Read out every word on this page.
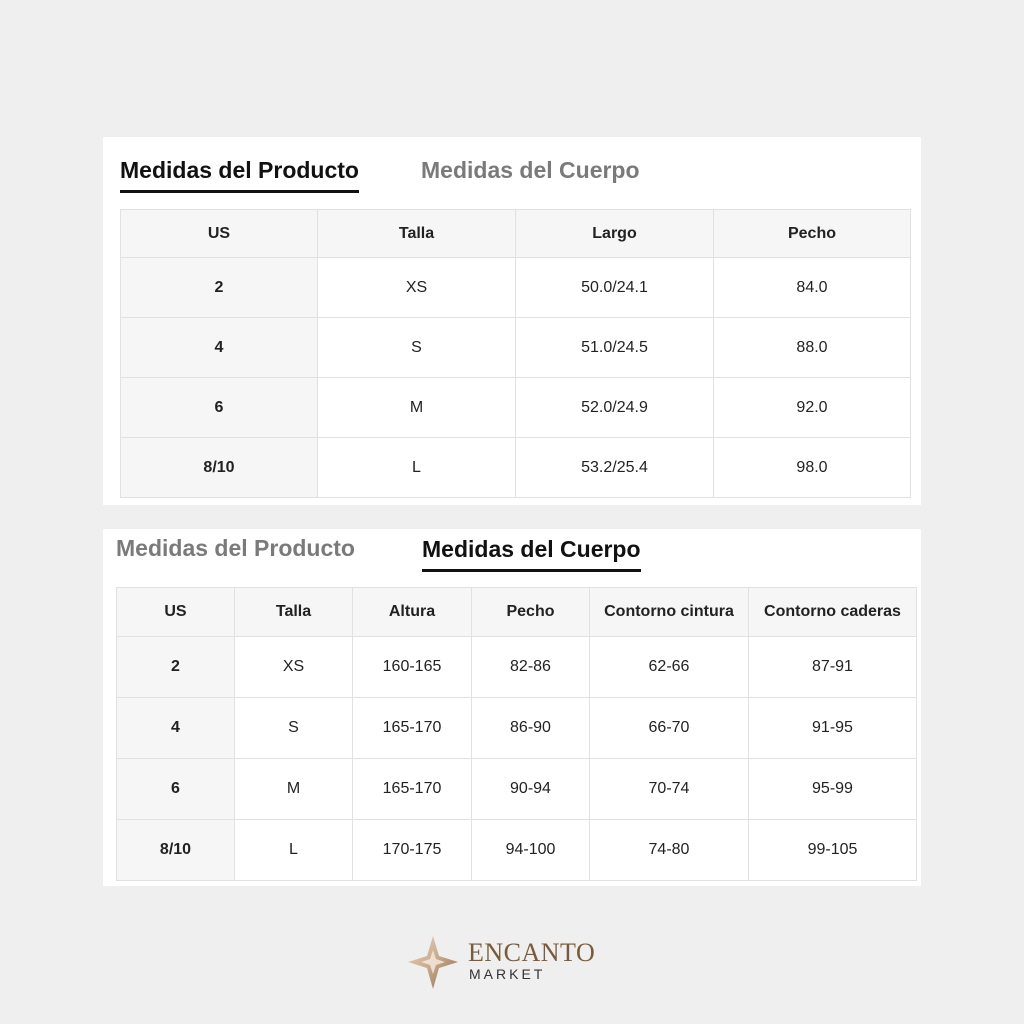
Medidas del Producto	Medidas del Cuerpo
US	Talla	Largo	Pecho
2	XS	50.0/24.1	84.0
4	S	51.0/24.5	88.0
6	M	52.0/24.9	92.0
8/10	L	53.2/25.4	98.0
Medidas del Producto	Medidas del Cuerpo
US	Talla	Altura	Pecho	Contorno cintura	Contorno caderas
2	XS	160-165	82-86	62-66	87-91
4	S	165-170	86-90	66-70	91-95
6	M	165-170	90-94	70-74	95-99
8/10	L	170-175	94-100	74-80	99-105
ENCANTO
MARKET
